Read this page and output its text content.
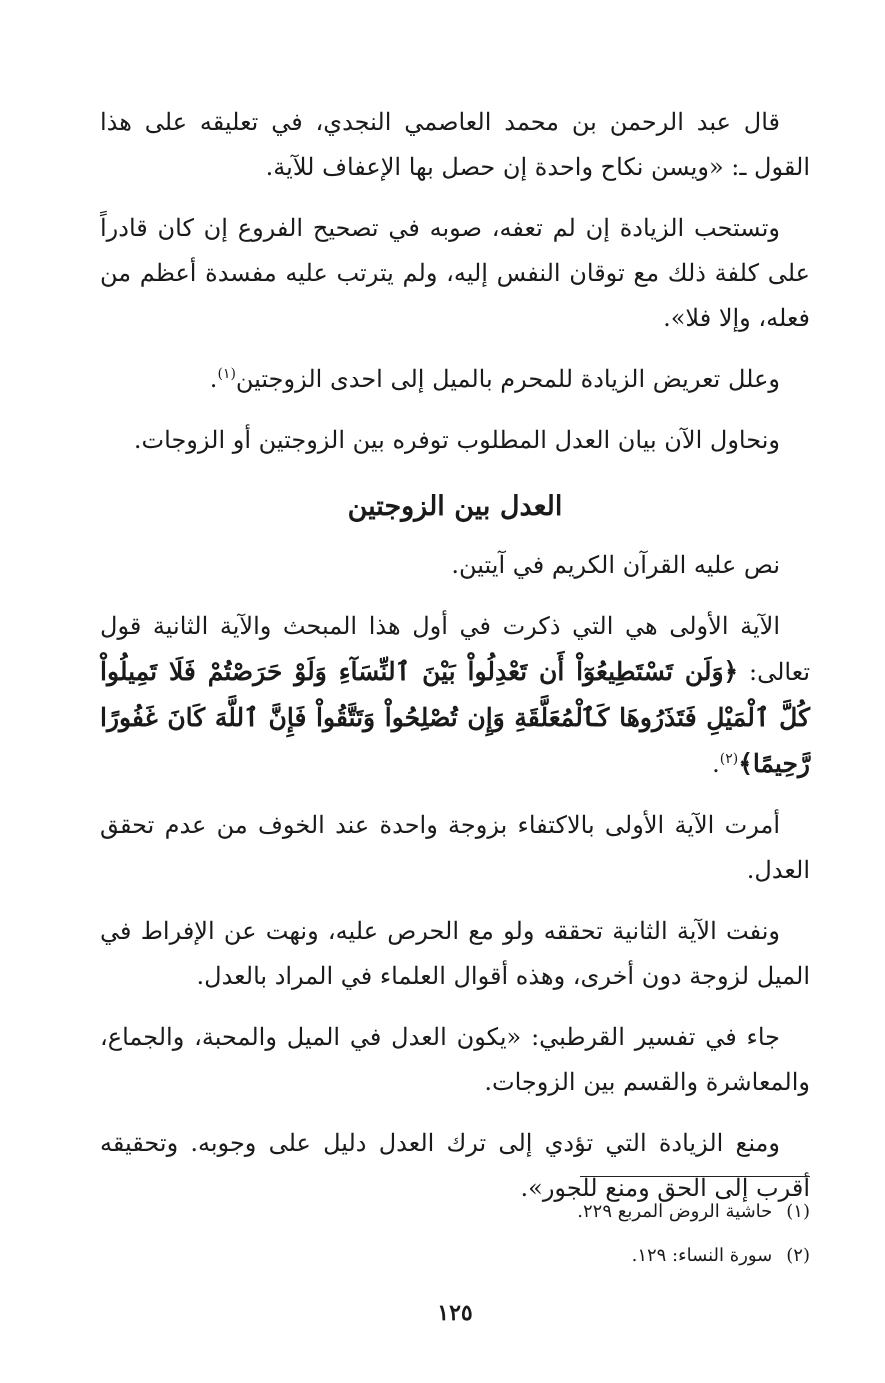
قال عبد الرحمن بن محمد العاصمي النجدي، في تعليقه على هذا القول ـ: «ويسن نكاح واحدة إن حصل بها الإعفاف للآية.

وتستحب الزيادة إن لم تعفه، صوبه في تصحيح الفروع إن كان قادراً على كلفة ذلك مع توقان النفس إليه، ولم يترتب عليه مفسدة أعظم من فعله، وإلا فلا».

وعلل تعريض الزيادة للمحرم بالميل إلى احدى الزوجتين$^{(١)}$.

ونحاول الآن بيان العدل المطلوب توفره بين الزوجتين أو الزوجات.

العدل بين الزوجتين

نص عليه القرآن الكريم في آيتين.

الآية الأولى هي التي ذكرت في أول هذا المبحث والآية الثانية قول تعالى: ﴿وَلَن تَسْتَطِيعُوٓاْ أَن تَعْدِلُواْ بَيْنَ ٱلنِّسَآءِ وَلَوْ حَرَصْتُمْ فَلَا تَمِيلُواْ كُلَّ ٱلْمَيْلِ فَتَذَرُوهَا كَٱلْمُعَلَّقَةِ وَإِن تُصْلِحُواْ وَتَتَّقُواْ فَإِنَّ ٱللَّهَ كَانَ غَفُورًا رَّحِيمًا﴾$^{(٢)}$.

أمرت الآية الأولى بالاكتفاء بزوجة واحدة عند الخوف من عدم تحقق العدل.

ونفت الآية الثانية تحققه ولو مع الحرص عليه، ونهت عن الإفراط في الميل لزوجة دون أخرى، وهذه أقوال العلماء في المراد بالعدل.

جاء في تفسير القرطبي: «يكون العدل في الميل والمحبة، والجماع، والمعاشرة والقسم بين الزوجات.

ومنع الزيادة التي تؤدي إلى ترك العدل دليل على وجوبه. وتحقيقه أقرب إلى الحق ومنع للجور».

(١)حاشية الروض المربع ٢٢٩.

(٢)سورة النساء: ١٢٩.

١٢٥
